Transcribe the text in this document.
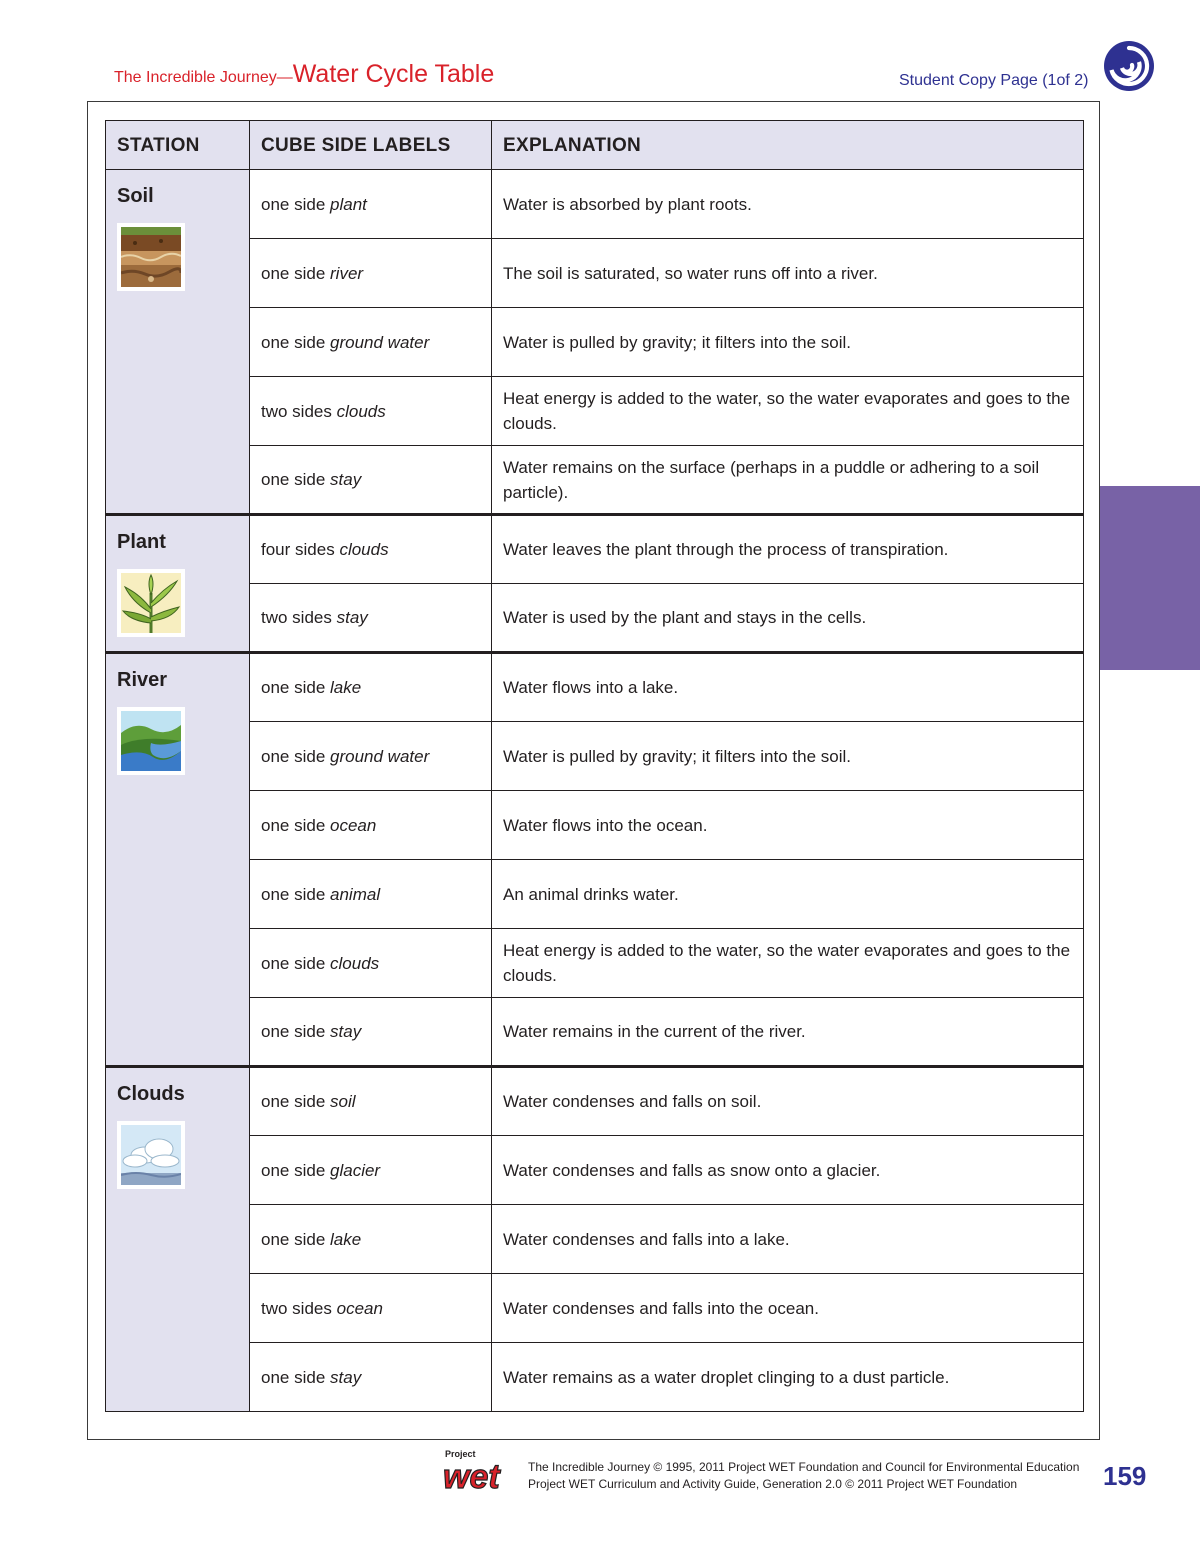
The Incredible Journey—Water Cycle Table	Student Copy Page (1of 2)
STATION	CUBE SIDE LABELS	EXPLANATION

Soil	one side plant	Water is absorbed by plant roots.
	one side river	The soil is saturated, so water runs off into a river.
	one side ground water	Water is pulled by gravity; it filters into the soil.
	two sides clouds	Heat energy is added to the water, so the water evaporates and goes to the clouds.
	one side stay	Water remains on the surface (perhaps in a puddle or adhering to a soil particle).

Plant	four sides clouds	Water leaves the plant through the process of transpiration.
	two sides stay	Water is used by the plant and stays in the cells.

River	one side lake	Water flows into a lake.
	one side ground water	Water is pulled by gravity; it filters into the soil.
	one side ocean	Water flows into the ocean.
	one side animal	An animal drinks water.
	one side clouds	Heat energy is added to the water, so the water evaporates and goes to the clouds.
	one side stay	Water remains in the current of the river.

Clouds	one side soil	Water condenses and falls on soil.
	one side glacier	Water condenses and falls as snow onto a glacier.
	one side lake	Water condenses and falls into a lake.
	two sides ocean	Water condenses and falls into the ocean.
	one side stay	Water remains as a water droplet clinging to a dust particle.
Project
wet The Incredible Journey © 1995, 2011 Project WET Foundation and Council for Environmental Education
Project WET Curriculum and Activity Guide, Generation 2.0 © 2011 Project WET Foundation	159
